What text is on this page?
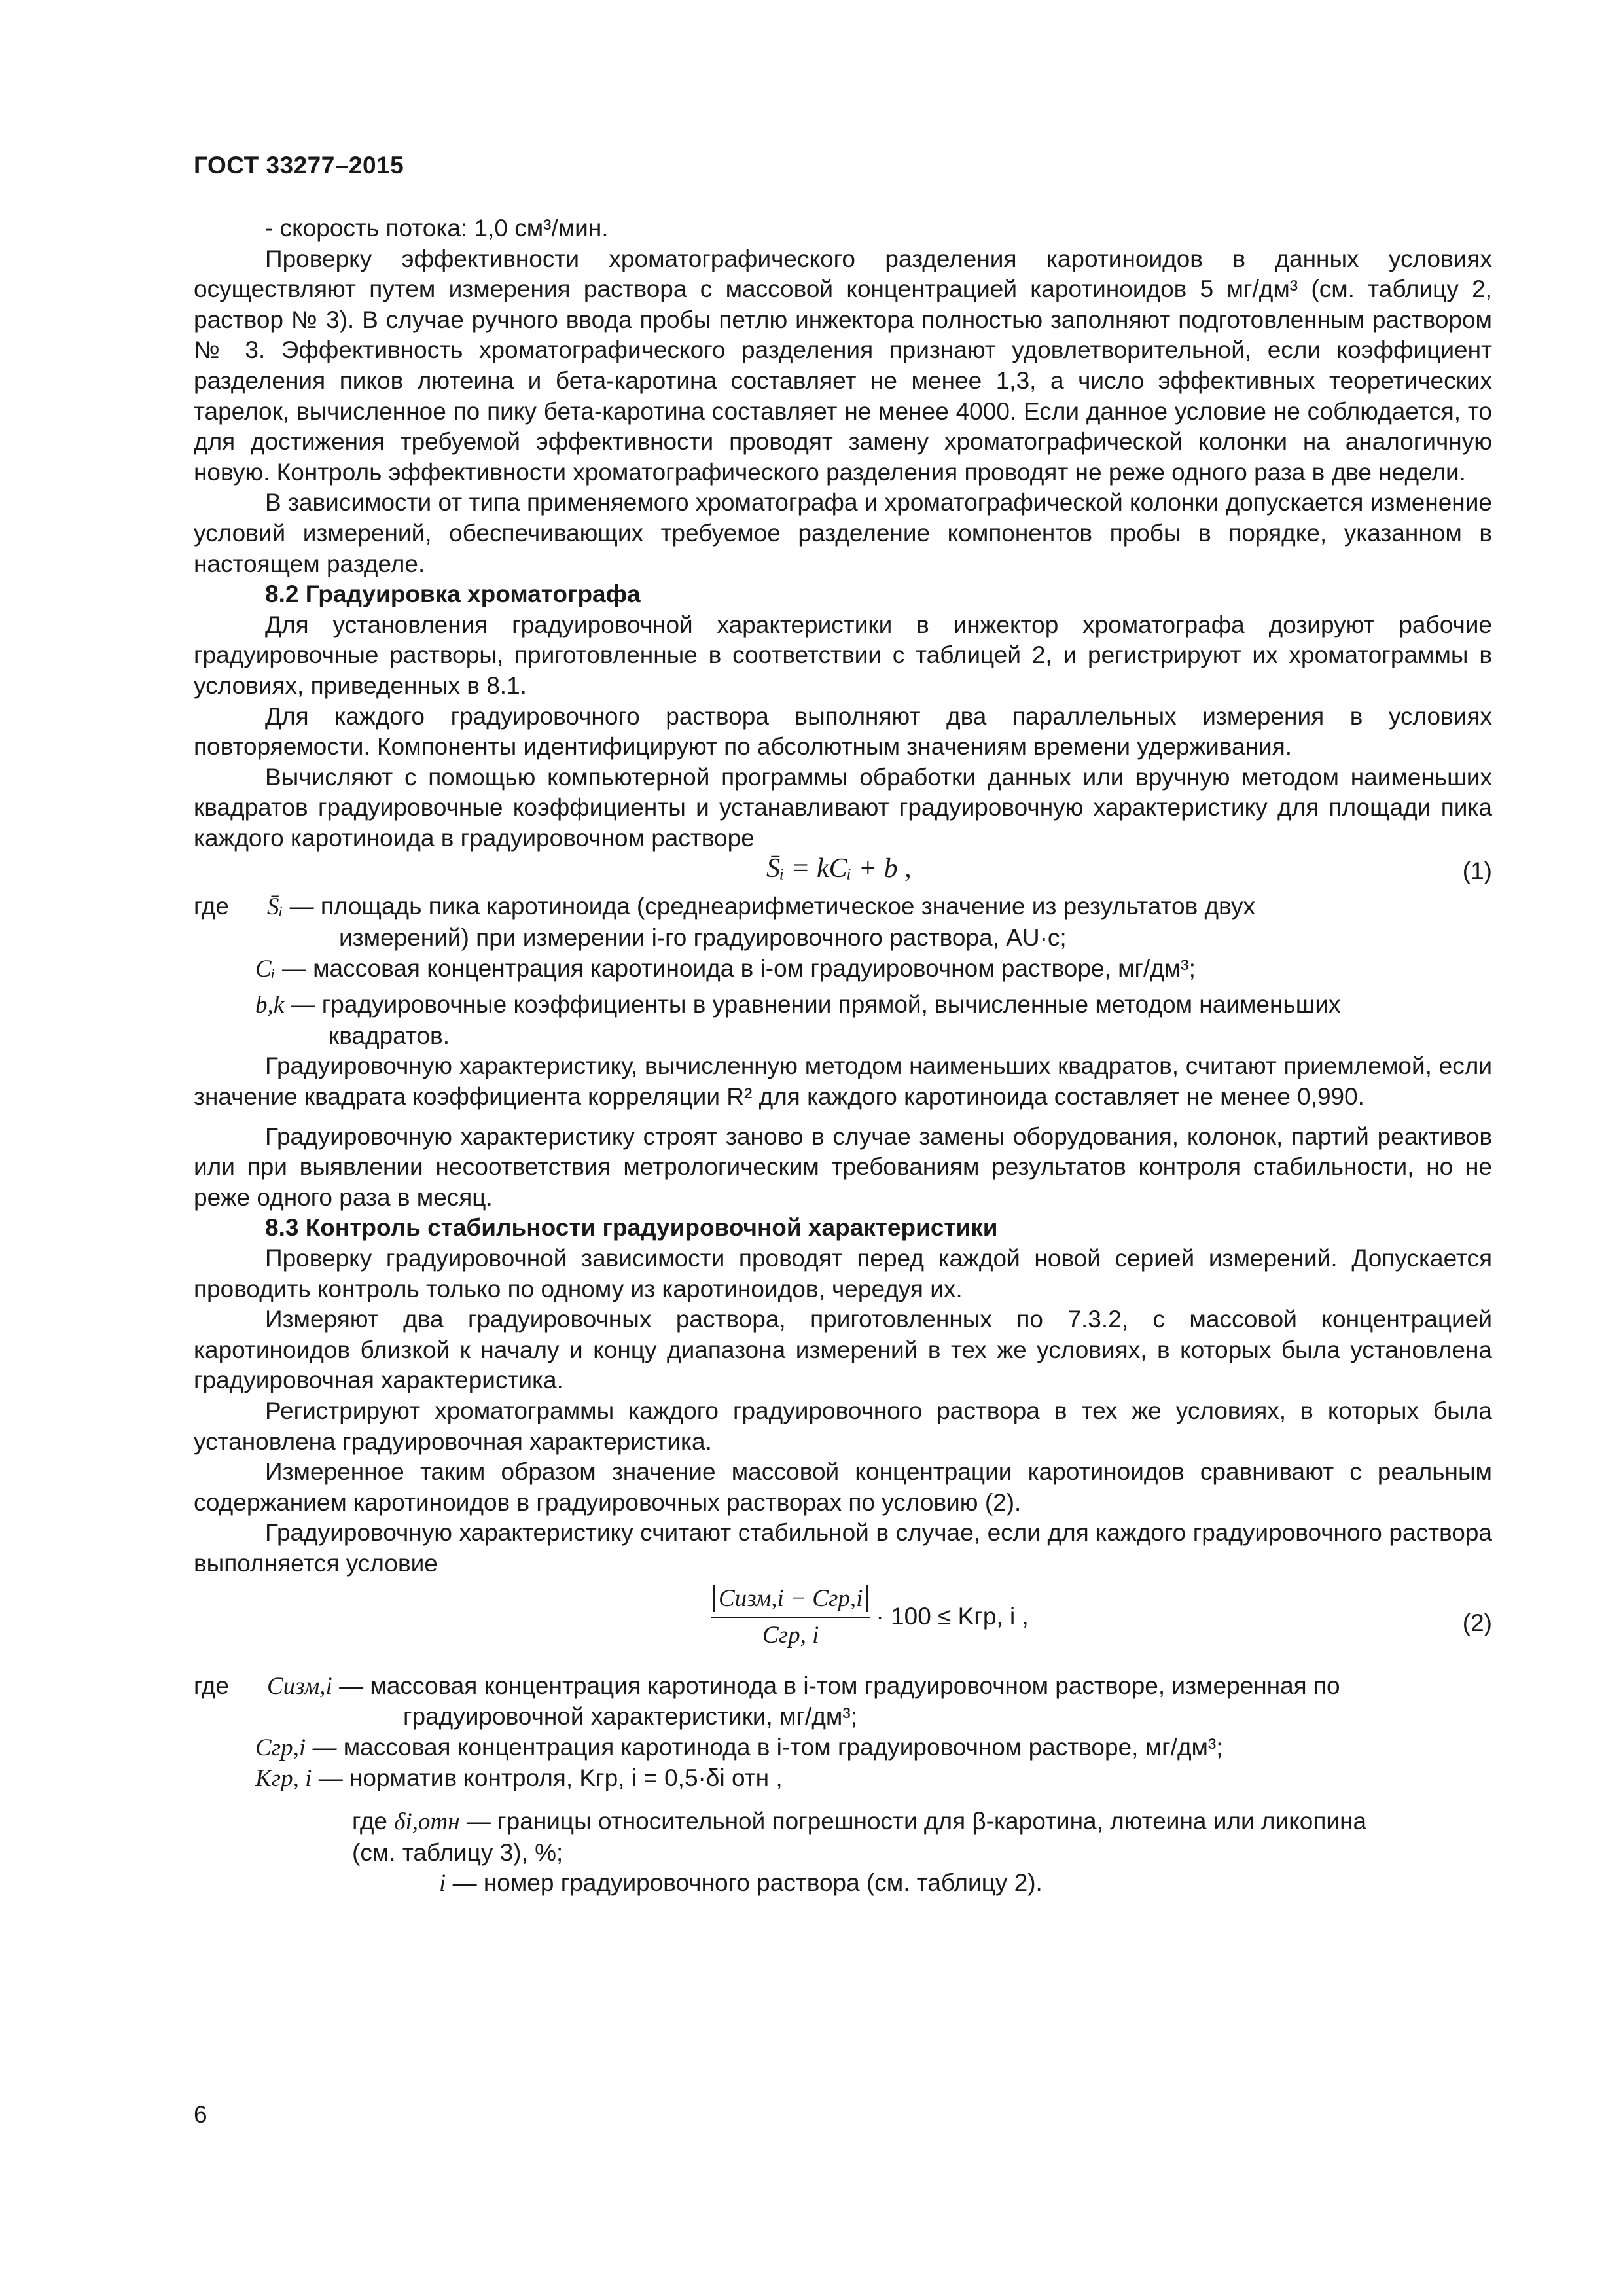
ГОСТ 33277–2015

- скорость потока: 1,0 см³/мин.

Проверку эффективности хроматографического разделения каротиноидов в данных условиях осуществляют путем измерения раствора с массовой концентрацией каротиноидов 5 мг/дм³ (см. таблицу 2, раствор № 3). В случае ручного ввода пробы петлю инжектора полностью заполняют подготовленным раствором № 3. Эффективность хроматографического разделения признают удовлетворительной, если коэффициент разделения пиков лютеина и бета-каротина составляет не менее 1,3, а число эффективных теоретических тарелок, вычисленное по пику бета-каротина составляет не менее 4000. Если данное условие не соблюдается, то для достижения требуемой эффективности проводят замену хроматографической колонки на аналогичную новую. Контроль эффективности хроматографического разделения проводят не реже одного раза в две недели.

В зависимости от типа применяемого хроматографа и хроматографической колонки допускается изменение условий измерений, обеспечивающих требуемое разделение компонентов пробы в порядке, указанном в настоящем разделе.

8.2 Градуировка хроматографа

Для установления градуировочной характеристики в инжектор хроматографа дозируют рабочие градуировочные растворы, приготовленные в соответствии с таблицей 2, и регистрируют их хроматограммы в условиях, приведенных в 8.1.

Для каждого градуировочного раствора выполняют два параллельных измерения в условиях повторяемости. Компоненты идентифицируют по абсолютным значениям времени удерживания.

Вычисляют с помощью компьютерной программы обработки данных или вручную методом наименьших квадратов градуировочные коэффициенты и устанавливают градуировочную характеристику для площади пика каждого каротиноида в градуировочном растворе

S̄ᵢ = kCᵢ + b ,	(1)
где	S̄ᵢ — площадь пика каротиноида (среднеарифметическое значение из результатов двух
измерений) при измерении i-го градуировочного раствора, AU·c;

Cᵢ — массовая концентрация каротиноида в i-ом градуировочном растворе, мг/дм³;

b,k — градуировочные коэффициенты в уравнении прямой, вычисленные методом наименьших
квадратов.

Градуировочную характеристику, вычисленную методом наименьших квадратов, считают приемлемой, если значение квадрата коэффициента корреляции R² для каждого каротиноида составляет не менее 0,990.

Градуировочную характеристику строят заново в случае замены оборудования, колонок, партий реактивов или при выявлении несоответствия метрологическим требованиям результатов контроля стабильности, но не реже одного раза в месяц.

8.3 Контроль стабильности градуировочной характеристики

Проверку градуировочной зависимости проводят перед каждой новой серией измерений. Допускается проводить контроль только по одному из каротиноидов, чередуя их.

Измеряют два градуировочных раствора, приготовленных по 7.3.2, с массовой концентрацией каротиноидов близкой к началу и концу диапазона измерений в тех же условиях, в которых была установлена градуировочная характеристика.

Регистрируют хроматограммы каждого градуировочного раствора в тех же условиях, в которых была установлена градуировочная характеристика.

Измеренное таким образом значение массовой концентрации каротиноидов сравнивают с реальным содержанием каротиноидов в градуировочных растворах по условию (2).

Градуировочную характеристику считают стабильной в случае, если для каждого градуировочного раствора выполняется условие

$\frac{\text{Cизм,i − Cгр,i}}{\text{Cгр, i}} \cdot 100$ ≤ Kгр, i ,	(2)
где	Cизм,i — массовая концентрация каротинода в i-том градуировочном растворе, измеренная по
градуировочной характеристики, мг/дм³;

Cгр,i — массовая концентрация каротинода в i-том градуировочном растворе, мг/дм³;

Kгр, i — норматив контроля, Kгр, i = 0,5·δi отн ,

где δi,отн — границы относительной погрешности для β-каротина, лютеина или ликопина
(см. таблицу 3), %;

i — номер градуировочного раствора (см. таблицу 2).

6
